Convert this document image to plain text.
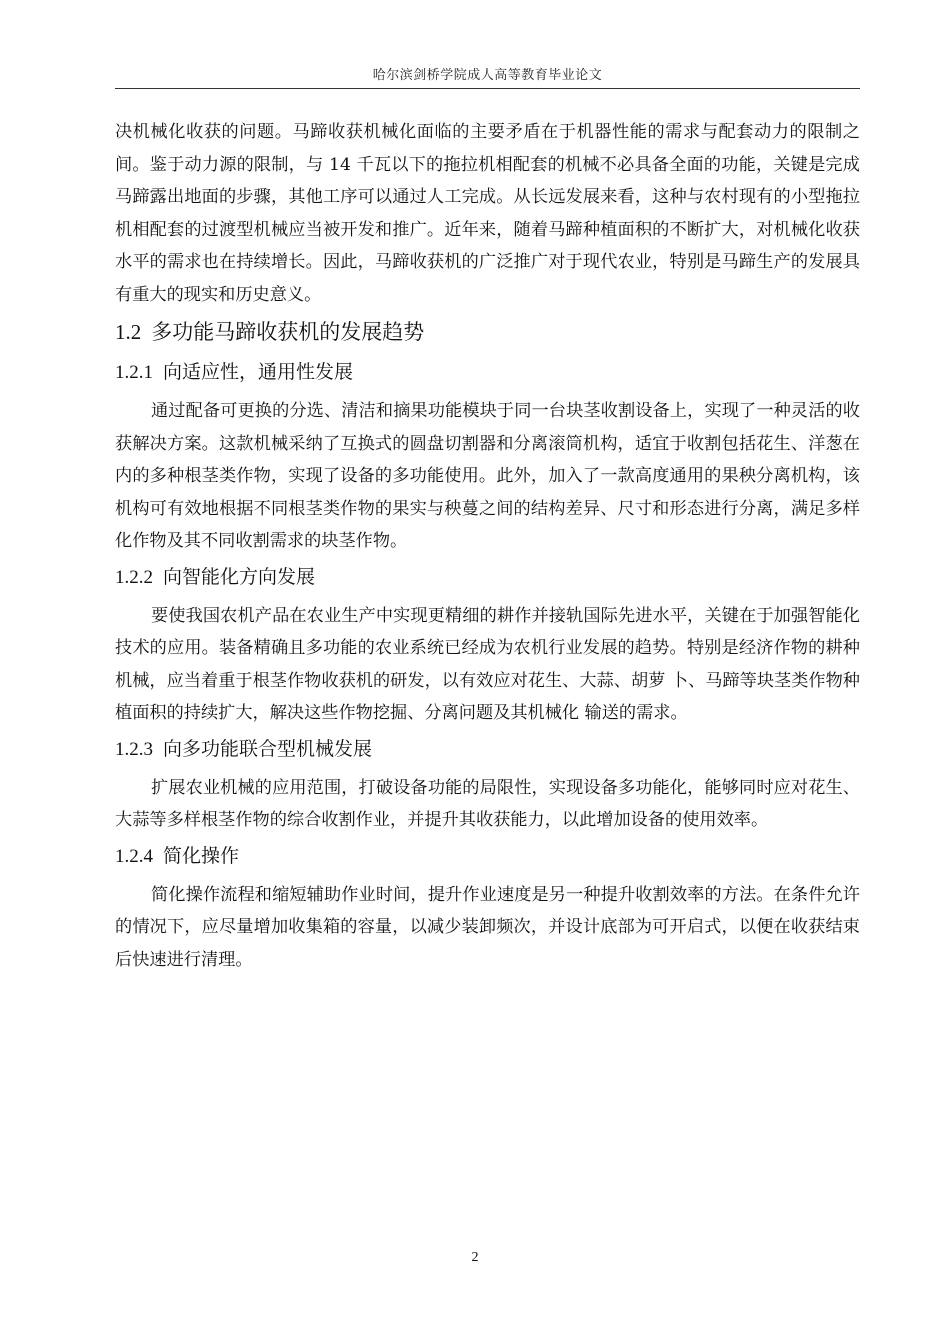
哈尔滨剑桥学院成人高等教育毕业论文

决机械化收获的问题。马蹄收获机械化面临的主要矛盾在于机器性能的需求与配套动力的限制之间。鉴于动力源的限制，与 14 千瓦以下的拖拉机相配套的机械不必具备全面的功能，关键是完成马蹄露出地面的步骤，其他工序可以通过人工完成。从长远发展来看，这种与农村现有的小型拖拉机相配套的过渡型机械应当被开发和推广。近年来，随着马蹄种植面积的不断扩大，对机械化收获水平的需求也在持续增长。因此，马蹄收获机的广泛推广对于现代农业，特别是马蹄生产的发展具有重大的现实和历史意义。

1.2 多功能马蹄收获机的发展趋势
1.2.1 向适应性，通用性发展

通过配备可更换的分选、清洁和摘果功能模块于同一台块茎收割设备上，实现了一种灵活的收获解决方案。这款机械采纳了互换式的圆盘切割器和分离滚筒机构，适宜于收割包括花生、洋葱在内的多种根茎类作物，实现了设备的多功能使用。此外，加入了一款高度通用的果秧分离机构，该机构可有效地根据不同根茎类作物的果实与秧蔓之间的结构差异、尺寸和形态进行分离，满足多样化作物及其不同收割需求的块茎作物。

1.2.2 向智能化方向发展

要使我国农机产品在农业生产中实现更精细的耕作并接轨国际先进水平，关键在于加强智能化技术的应用。装备精确且多功能的农业系统已经成为农机行业发展的趋势。特别是经济作物的耕种机械，应当着重于根茎作物收获机的研发，以有效应对花生、大蒜、胡萝 卜、马蹄等块茎类作物种植面积的持续扩大，解决这些作物挖掘、分离问题及其机械化 输送的需求。

1.2.3 向多功能联合型机械发展

扩展农业机械的应用范围，打破设备功能的局限性，实现设备多功能化，能够同时应对花生、大蒜等多样根茎作物的综合收割作业，并提升其收获能力，以此增加设备的使用效率。

1.2.4 简化操作

简化操作流程和缩短辅助作业时间，提升作业速度是另一种提升收割效率的方法。在条件允许的情况下，应尽量增加收集箱的容量，以减少装卸频次，并设计底部为可开启式，以便在收获结束后快速进行清理。

2
